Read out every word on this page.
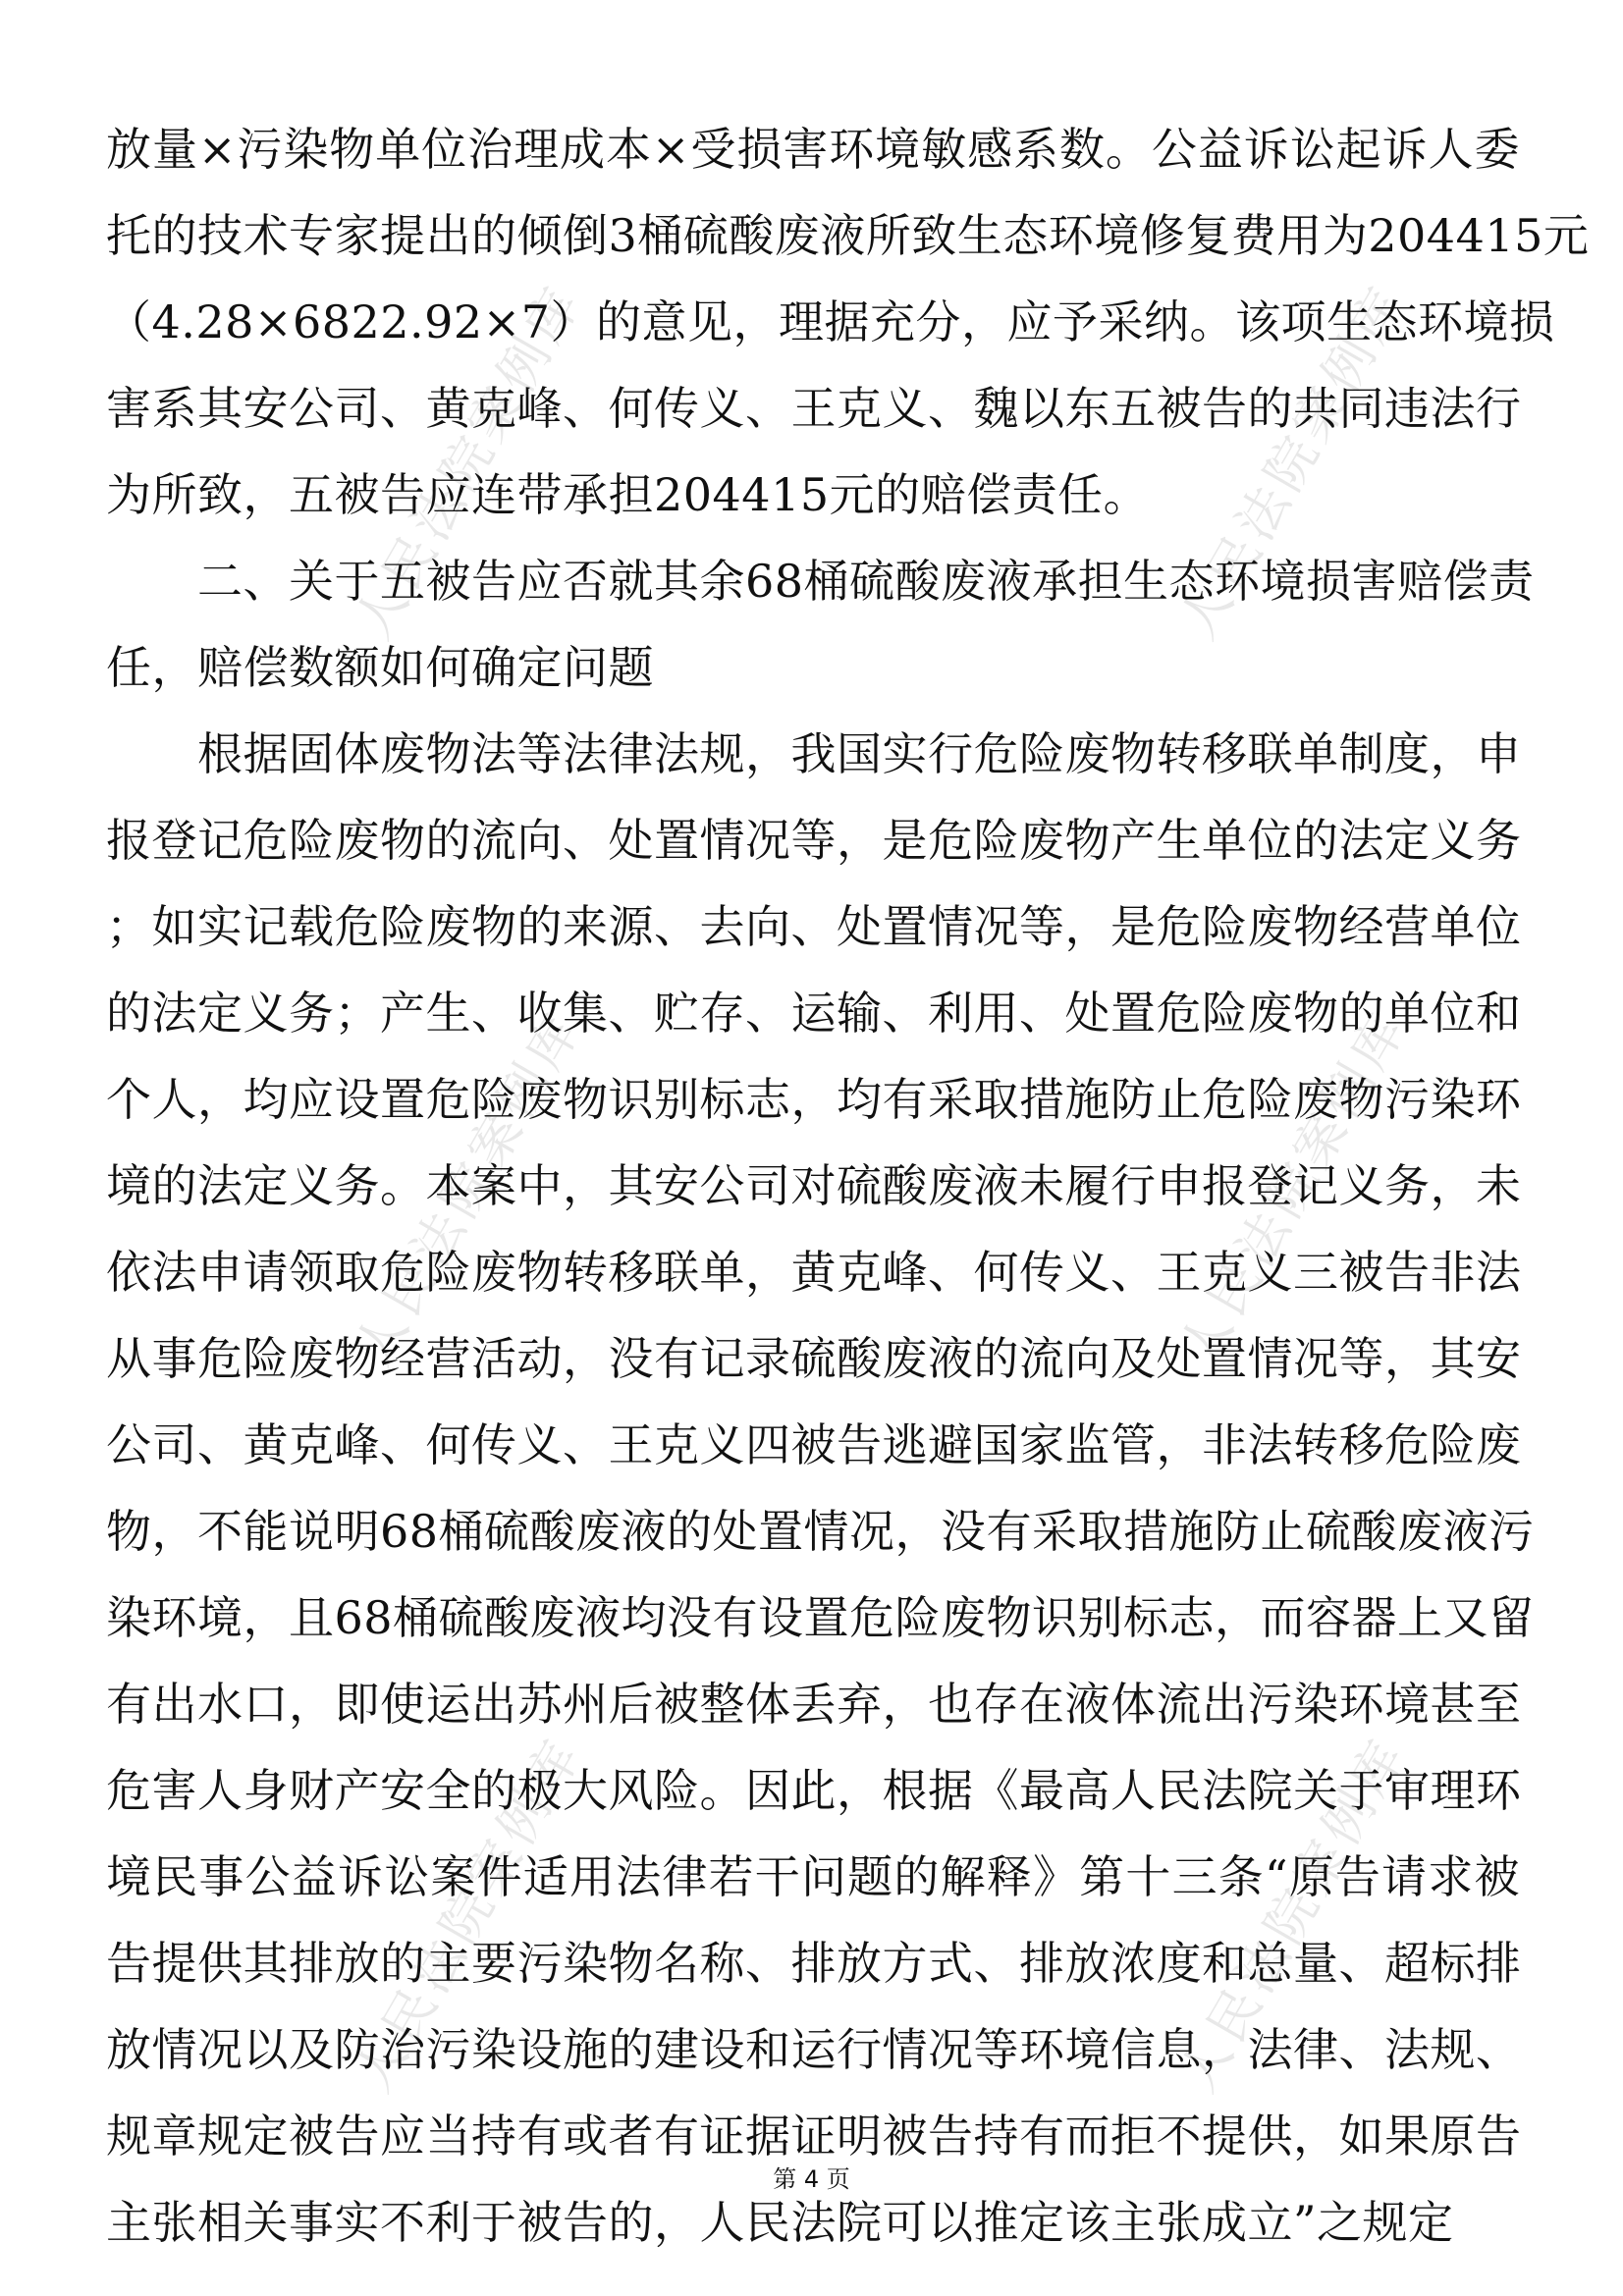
人民法院案例库	人民法院案例库
人民法院案例库	人民法院案例库
人民法院案例库	人民法院案例库
放量×污染物单位治理成本×受损害环境敏感系数。公益诉讼起诉人委
托的技术专家提出的倾倒3桶硫酸废液所致生态环境修复费用为204415元
（4.28×6822.92×7）的意见，理据充分，应予采纳。该项生态环境损
害系其安公司、黄克峰、何传义、王克义、魏以东五被告的共同违法行
为所致，五被告应连带承担204415元的赔偿责任。
　　二、关于五被告应否就其余68桶硫酸废液承担生态环境损害赔偿责
任，赔偿数额如何确定问题
　　根据固体废物法等法律法规，我国实行危险废物转移联单制度，申
报登记危险废物的流向、处置情况等，是危险废物产生单位的法定义务
；如实记载危险废物的来源、去向、处置情况等，是危险废物经营单位
的法定义务；产生、收集、贮存、运输、利用、处置危险废物的单位和
个人，均应设置危险废物识别标志，均有采取措施防止危险废物污染环
境的法定义务。本案中，其安公司对硫酸废液未履行申报登记义务，未
依法申请领取危险废物转移联单，黄克峰、何传义、王克义三被告非法
从事危险废物经营活动，没有记录硫酸废液的流向及处置情况等，其安
公司、黄克峰、何传义、王克义四被告逃避国家监管，非法转移危险废
物，不能说明68桶硫酸废液的处置情况，没有采取措施防止硫酸废液污
染环境，且68桶硫酸废液均没有设置危险废物识别标志，而容器上又留
有出水口，即使运出苏州后被整体丢弃，也存在液体流出污染环境甚至
危害人身财产安全的极大风险。因此，根据《最高人民法院关于审理环
境民事公益诉讼案件适用法律若干问题的解释》第十三条“原告请求被
告提供其排放的主要污染物名称、排放方式、排放浓度和总量、超标排
放情况以及防治污染设施的建设和运行情况等环境信息，法律、法规、
规章规定被告应当持有或者有证据证明被告持有而拒不提供，如果原告
主张相关事实不利于被告的，人民法院可以推定该主张成立”之规定
第 4 页
